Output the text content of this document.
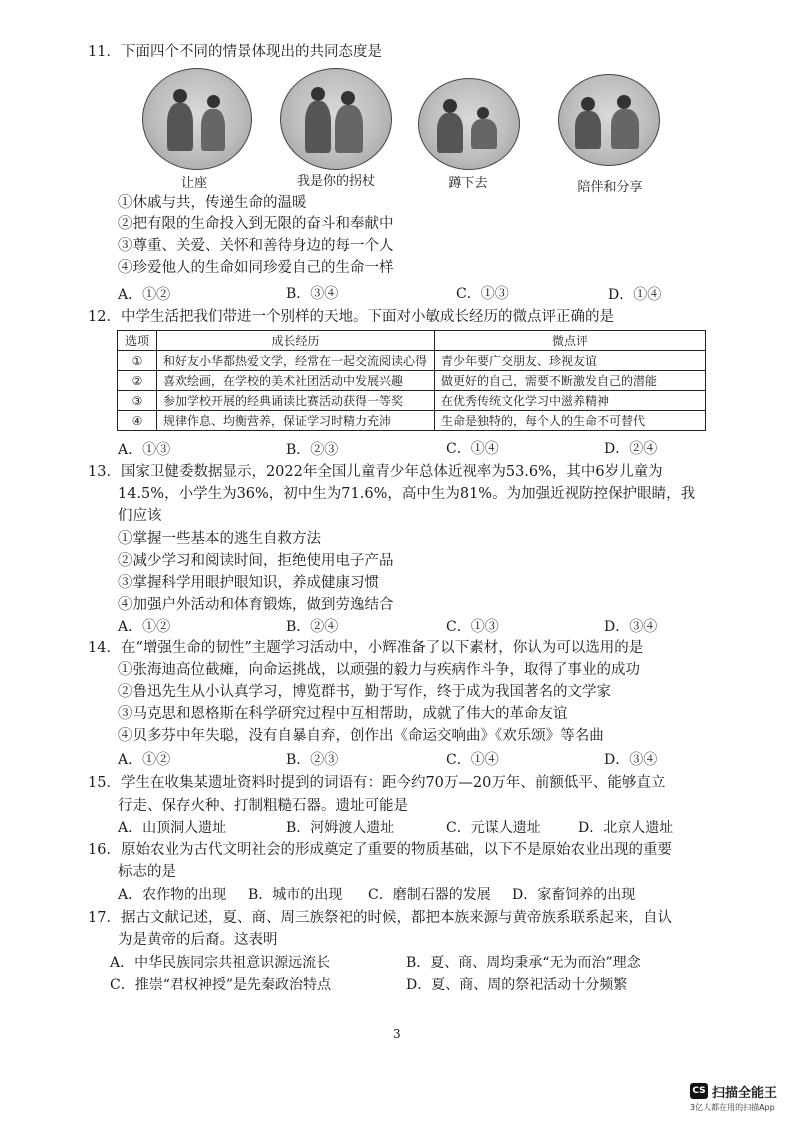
11．下面四个不同的情景体现出的共同态度是
让座	我是你的拐杖	蹲下去	陪伴和分享
①休戚与共，传递生命的温暖
②把有限的生命投入到无限的奋斗和奉献中
③尊重、关爱、关怀和善待身边的每一个人
④珍爱他人的生命如同珍爱自己的生命一样
A．①②	B．③④	C．①③	D．①④
12．中学生活把我们带进一个别样的天地。下面对小敏成长经历的微点评正确的是
选项	成长经历	微点评
①	和好友小华都热爱文学，经常在一起交流阅读心得	青少年要广交朋友、珍视友谊
②	喜欢绘画，在学校的美术社团活动中发展兴趣	做更好的自己，需要不断激发自己的潜能
③	参加学校开展的经典诵读比赛活动获得一等奖	在优秀传统文化学习中滋养精神
④	规律作息、均衡营养，保证学习时精力充沛	生命是独特的，每个人的生命不可替代
A．①③	B．②③	C．①④	D．②④
13．国家卫健委数据显示，2022年全国儿童青少年总体近视率为53.6%，其中6岁儿童为
14.5%，小学生为36%，初中生为71.6%，高中生为81%。为加强近视防控保护眼睛，我
们应该
①掌握一些基本的逃生自救方法
②减少学习和阅读时间，拒绝使用电子产品
③掌握科学用眼护眼知识，养成健康习惯
④加强户外活动和体育锻炼，做到劳逸结合
A．①②	B．②④	C．①③	D．③④
14．在“增强生命的韧性”主题学习活动中，小辉准备了以下素材，你认为可以选用的是
①张海迪高位截瘫，向命运挑战，以顽强的毅力与疾病作斗争，取得了事业的成功
②鲁迅先生从小认真学习，博览群书，勤于写作，终于成为我国著名的文学家
③马克思和恩格斯在科学研究过程中互相帮助，成就了伟大的革命友谊
④贝多芬中年失聪，没有自暴自弃，创作出《命运交响曲》《欢乐颂》等名曲
A．①②	B．②③	C．①④	D．③④
15．学生在收集某遗址资料时提到的词语有：距今约70万—20万年、前额低平、能够直立
行走、保存火种、打制粗糙石器。遗址可能是
A．山顶洞人遗址	B．河姆渡人遗址	C．元谋人遗址	D．北京人遗址
16．原始农业为古代文明社会的形成奠定了重要的物质基础，以下不是原始农业出现的重要
标志的是
A．农作物的出现 B．城市的出现 C．磨制石器的发展 D．家畜饲养的出现
17．据古文献记述，夏、商、周三族祭祀的时候，都把本族来源与黄帝族系联系起来，自认
为是黄帝的后裔。这表明
A．中华民族同宗共祖意识源远流长	B．夏、商、周均秉承“无为而治”理念
C．推崇“君权神授”是先秦政治特点	D．夏、商、周的祭祀活动十分频繁
3
CS 扫描全能王
3亿人都在用的扫描App
